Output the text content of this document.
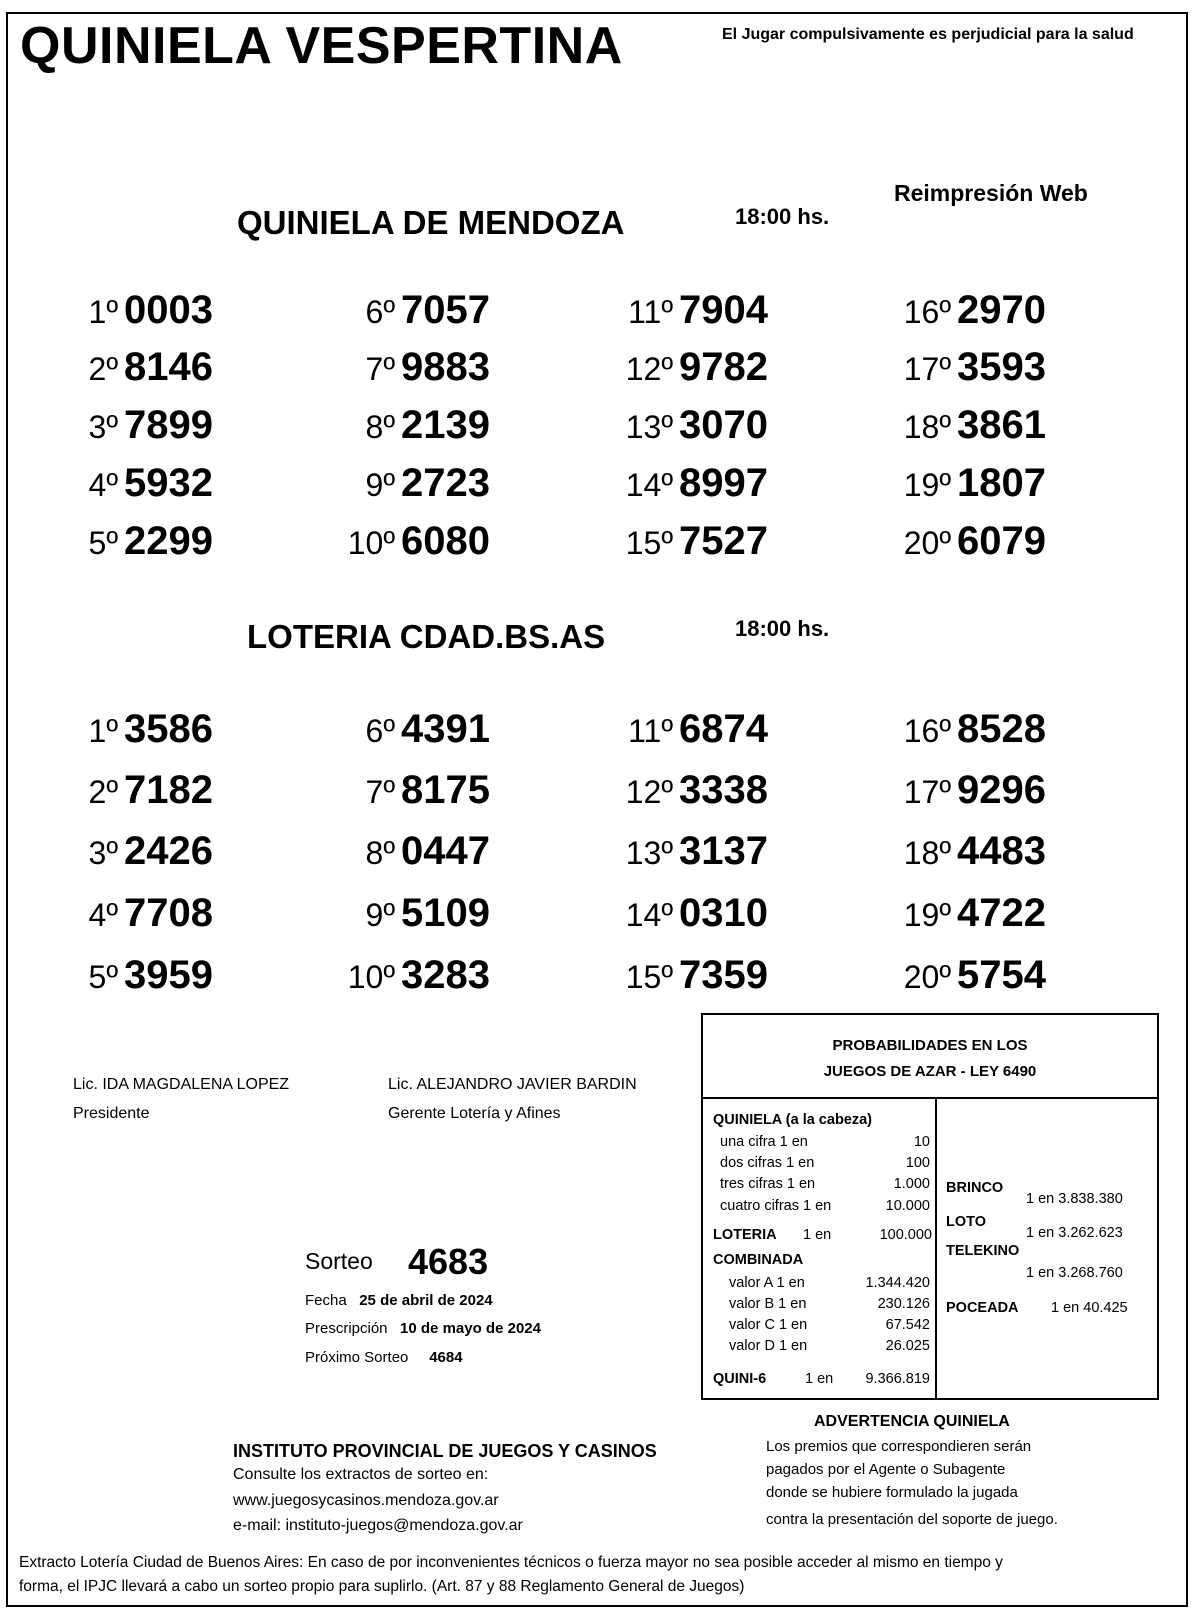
QUINIELA VESPERTINA	El Jugar compulsivamente es perjudicial para la salud
Reimpresión Web
QUINIELA DE MENDOZA	18:00 hs.
1º 0003
2º 8146
3º 7899
4º 5932
5º 2299
6º 7057
7º 9883
8º 2139
9º 2723
10º 6080
11º 7904
12º 9782
13º 3070
14º 8997
15º 7527
16º 2970
17º 3593
18º 3861
19º 1807
20º 6079
LOTERIA CDAD.BS.AS	18:00 hs.
1º 3586
2º 7182
3º 2426
4º 7708
5º 3959
6º 4391
7º 8175
8º 0447
9º 5109
10º 3283
11º 6874
12º 3338
13º 3137
14º 0310
15º 7359
16º 8528
17º 9296
18º 4483
19º 4722
20º 5754
Lic. IDA MAGDALENA LOPEZ
Presidente
Lic. ALEJANDRO JAVIER BARDIN
Gerente Lotería y Afines
Sorteo 4683
Fecha 25 de abril de 2024
Prescripción 10 de mayo de 2024
Próximo Sorteo 4684
PROBABILIDADES EN LOS
JUEGOS DE AZAR - LEY 6490
QUINIELA (a la cabeza)
una cifra 1 en	10
dos cifras 1 en	100
tres cifras 1 en	1.000
cuatro cifras 1 en	10.000
LOTERIA 1 en	100.000
COMBINADA
valor A 1 en	1.344.420
valor B 1 en	230.126
valor C 1 en	67.542
valor D 1 en	26.025
QUINI-6	1 en	9.366.819
BRINCO
1 en 3.838.380
LOTO
1 en 3.262.623
TELEKINO
1 en 3.268.760
POCEADA 1 en 40.425
ADVERTENCIA QUINIELA
Los premios que correspondieren serán
pagados por el Agente o Subagente
donde se hubiere formulado la jugada
contra la presentación del soporte de juego.
INSTITUTO PROVINCIAL DE JUEGOS Y CASINOS
Consulte los extractos de sorteo en:
www.juegosycasinos.mendoza.gov.ar
e-mail: instituto-juegos@mendoza.gov.ar
Extracto Lotería Ciudad de Buenos Aires: En caso de por inconvenientes técnicos o fuerza mayor no sea posible acceder al mismo en tiempo y
forma, el IPJC llevará a cabo un sorteo propio para suplirlo. (Art. 87 y 88 Reglamento General de Juegos)
